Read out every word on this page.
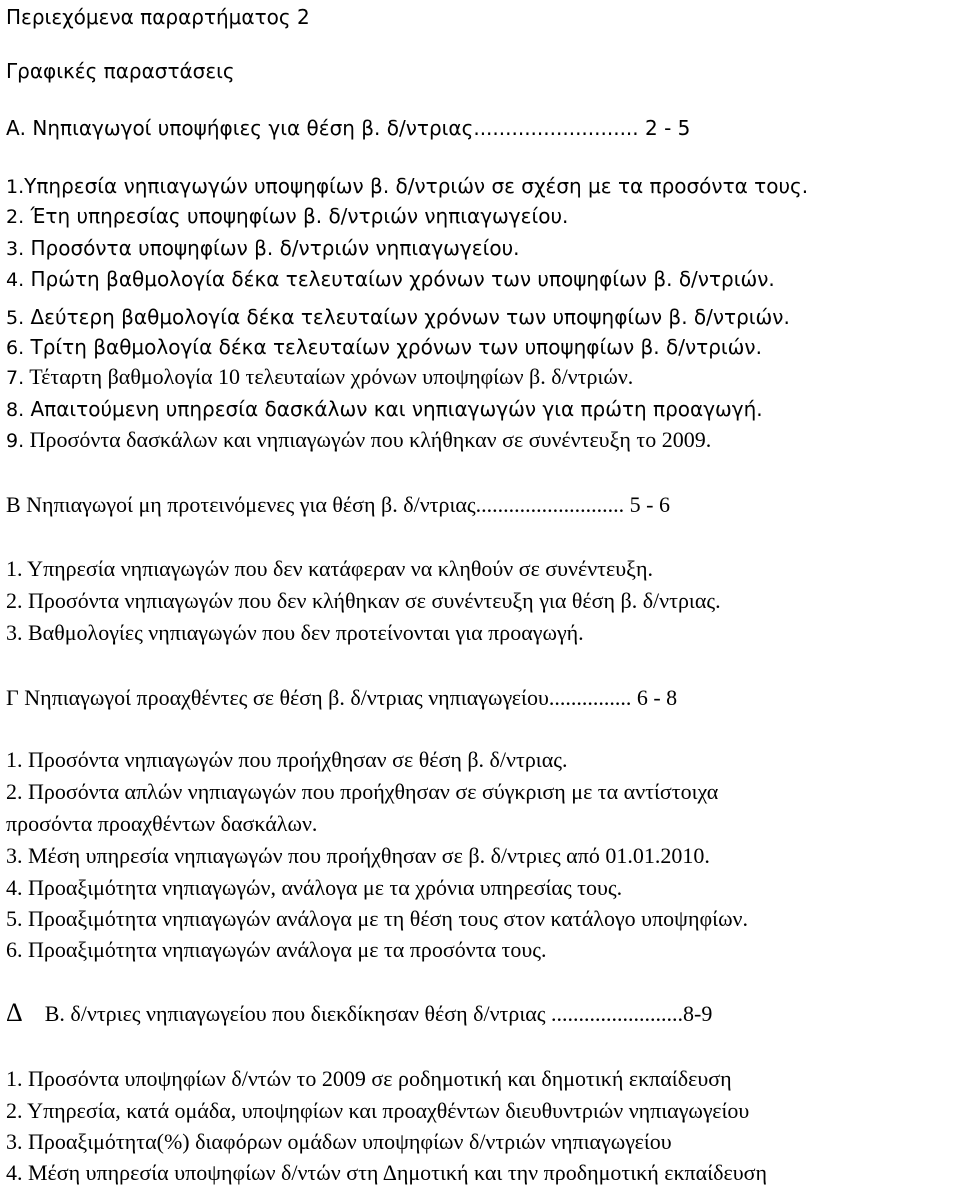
Περιεχόμενα παραρτήματος 2
Γραφικές παραστάσεις
Α. Νηπιαγωγοί υποψήφιες για θέση β. δ/ντριας.......................... 2 - 5
1.Υπηρεσία νηπιαγωγών υποψηφίων β. δ/ντριών σε σχέση με τα προσόντα τους.
2. Έτη υπηρεσίας υποψηφίων β. δ/ντριών νηπιαγωγείου.
3. Προσόντα υποψηφίων β. δ/ντριών νηπιαγωγείου.
4. Πρώτη βαθμολογία δέκα τελευταίων χρόνων των υποψηφίων β. δ/ντριών.
5. Δεύτερη βαθμολογία δέκα τελευταίων χρόνων των υποψηφίων β. δ/ντριών.
6. Τρίτη βαθμολογία δέκα τελευταίων χρόνων των υποψηφίων β. δ/ντριών.
7. Τέταρτη βαθμολογία 10 τελευταίων χρόνων υποψηφίων β. δ/ντριών.
8. Απαιτούμενη υπηρεσία δασκάλων και νηπιαγωγών για πρώτη προαγωγή.
9. Προσόντα δασκάλων και νηπιαγωγών που κλήθηκαν σε συνέντευξη το 2009.
Β Νηπιαγωγοί μη προτεινόμενες για θέση β. δ/ντριας........................... 5 - 6
1. Υπηρεσία νηπιαγωγών που δεν κατάφεραν να κληθούν σε συνέντευξη.
2. Προσόντα νηπιαγωγών που δεν κλήθηκαν σε συνέντευξη για θέση β. δ/ντριας.
3. Βαθμολογίες νηπιαγωγών που δεν προτείνονται για προαγωγή.
Γ Νηπιαγωγοί προαχθέντες σε θέση β. δ/ντριας νηπιαγωγείου............... 6 - 8
1. Προσόντα νηπιαγωγών που προήχθησαν σε θέση β. δ/ντριας.
2. Προσόντα απλών νηπιαγωγών που προήχθησαν σε σύγκριση με τα αντίστοιχα
προσόντα προαχθέντων δασκάλων.
3. Μέση υπηρεσία νηπιαγωγών που προήχθησαν σε β. δ/ντριες από 01.01.2010.
4. Προαξιμότητα νηπιαγωγών, ανάλογα με τα χρόνια υπηρεσίας τους.
5. Προαξιμότητα νηπιαγωγών ανάλογα με τη θέση τους στον κατάλογο υποψηφίων.
6. Προαξιμότητα νηπιαγωγών ανάλογα με τα προσόντα τους.
Δ Β. δ/ντριες νηπιαγωγείου που διεκδίκησαν θέση δ/ντριας ........................8-9
1. Προσόντα υποψηφίων δ/ντών το 2009 σε ροδημοτική και δημοτική εκπαίδευση
2. Υπηρεσία, κατά ομάδα, υποψηφίων και προαχθέντων διευθυντριών νηπιαγωγείου
3. Προαξιμότητα(%) διαφόρων ομάδων υποψηφίων δ/ντριών νηπιαγωγείου
4. Μέση υπηρεσία υποψηφίων δ/ντών στη Δημοτική και την προδημοτική εκπαίδευση
